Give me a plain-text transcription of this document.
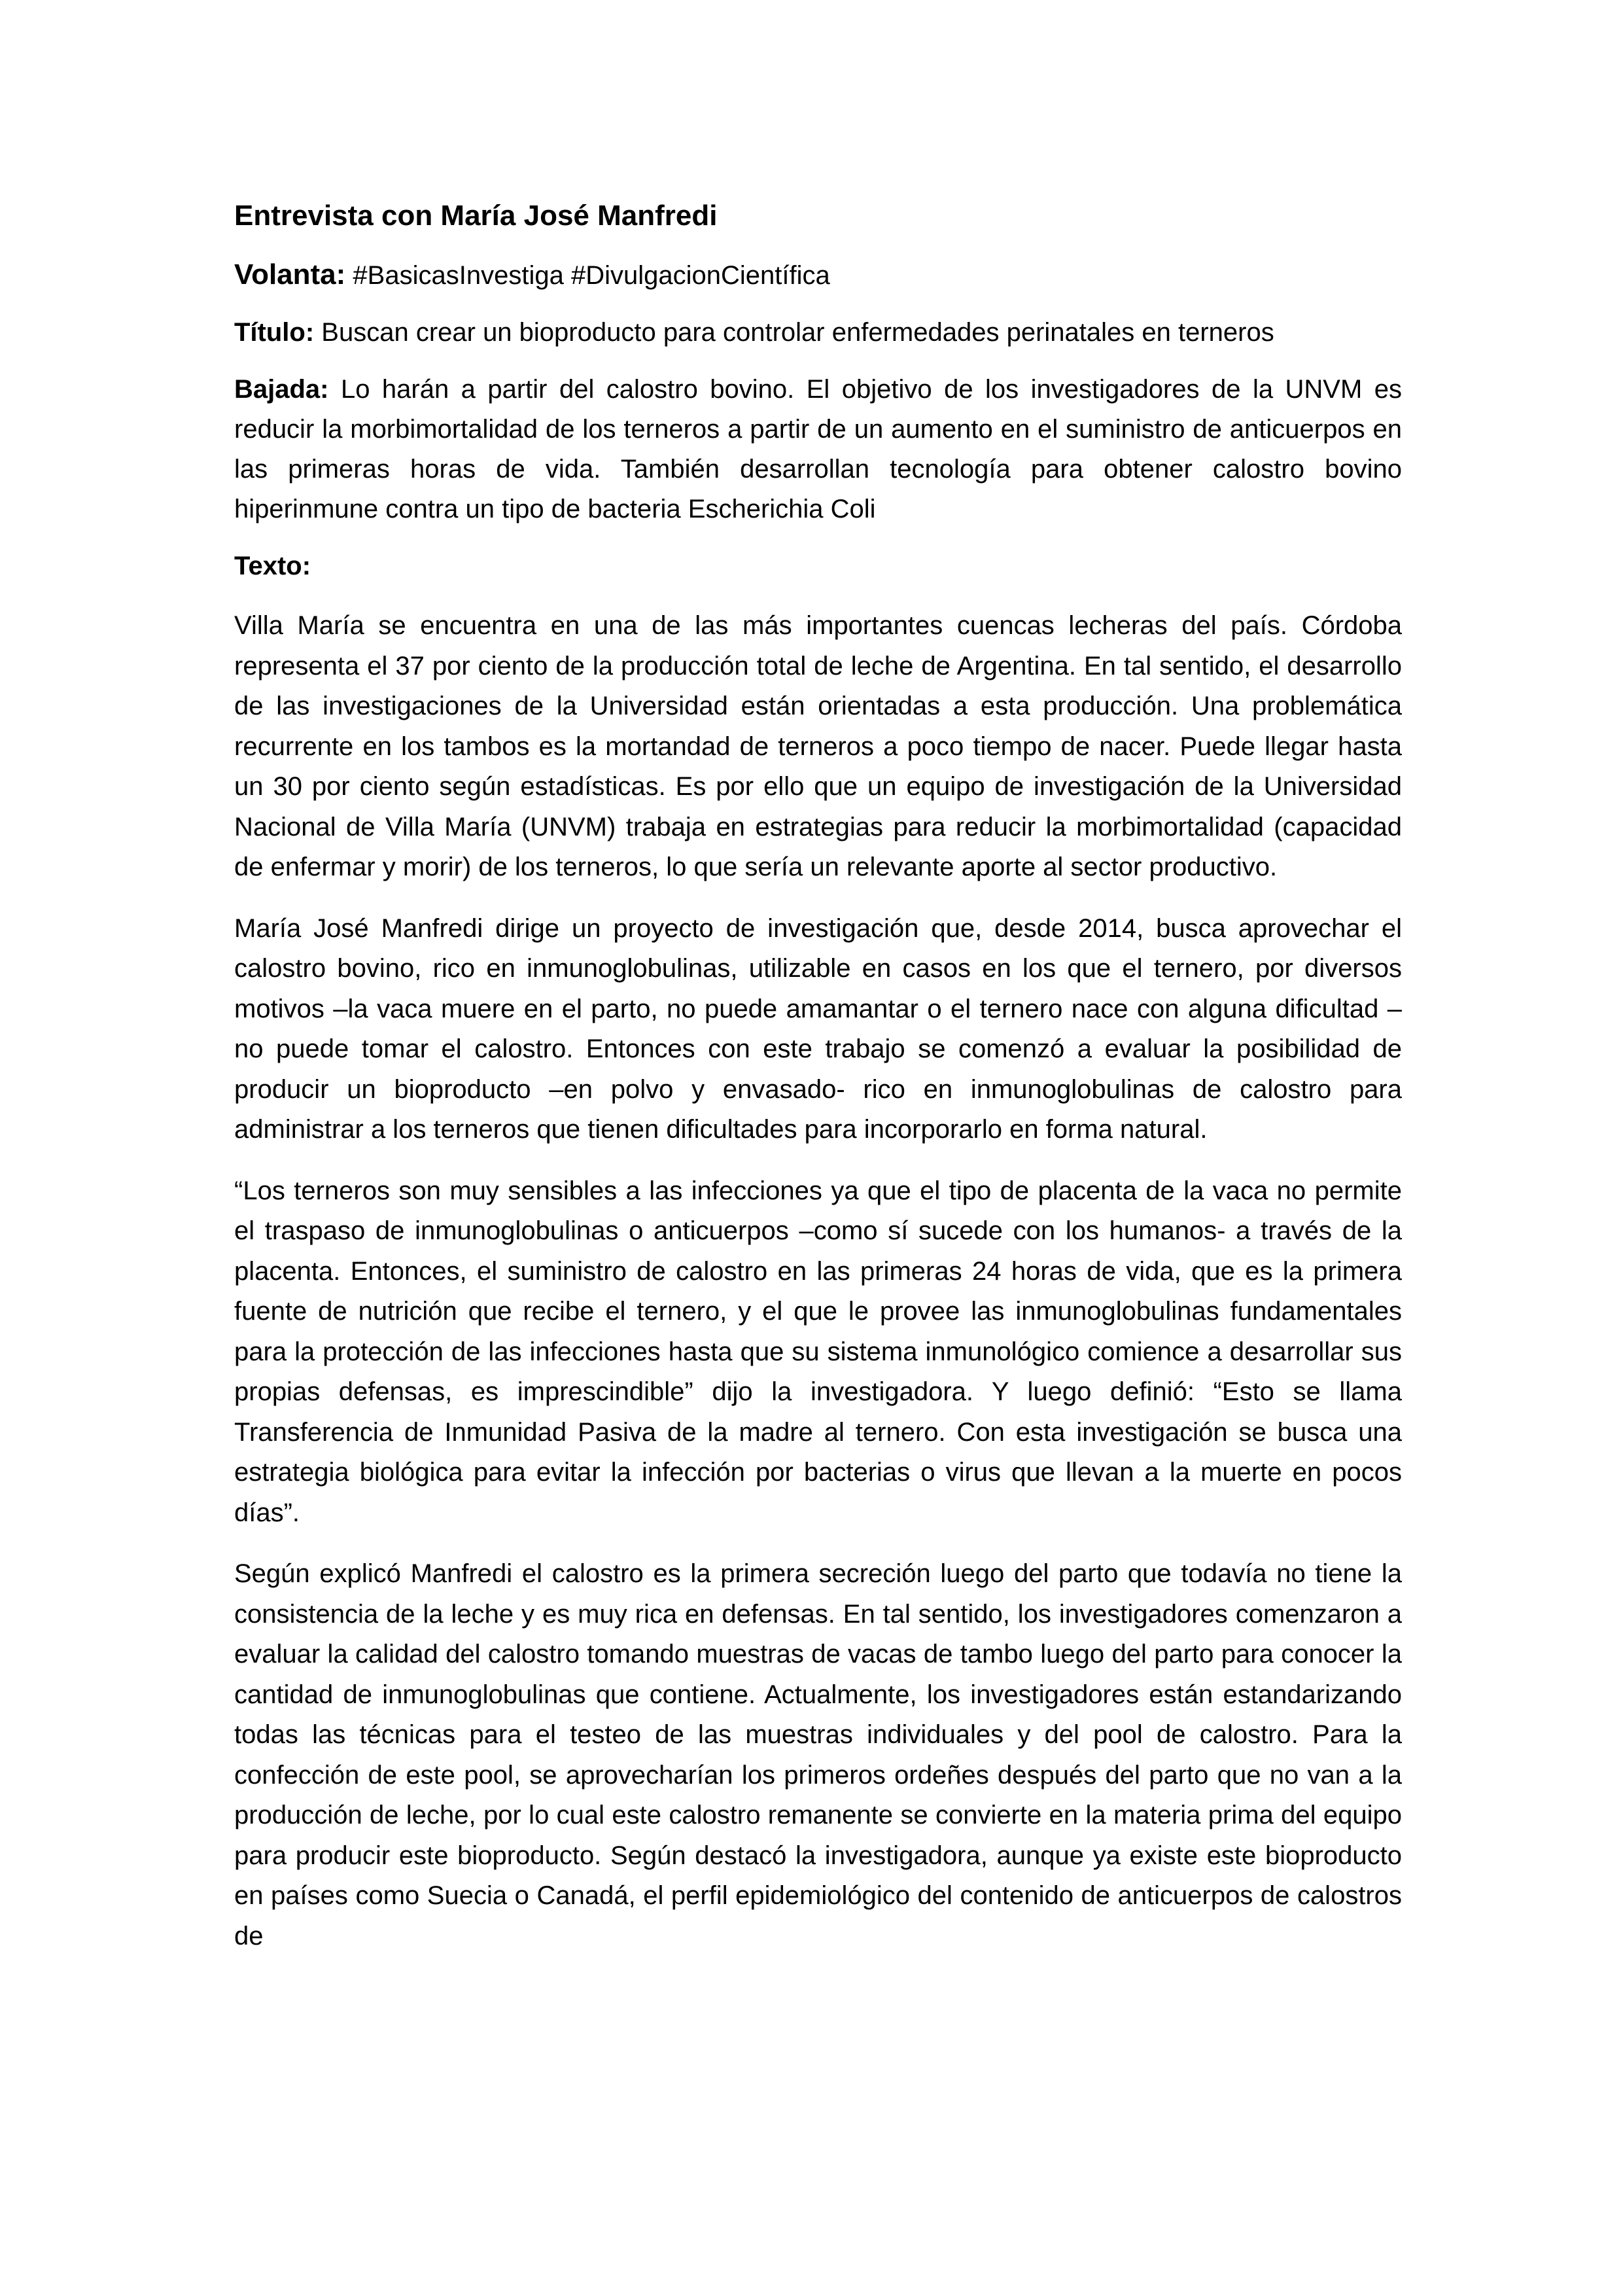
Entrevista con María José Manfredi
Volanta: #BasicasInvestiga #DivulgacionCientífica
Título: Buscan crear un bioproducto para controlar enfermedades perinatales en terneros
Bajada: Lo harán a partir del calostro bovino. El objetivo de los investigadores de la UNVM es reducir la morbimortalidad de los terneros a partir de un aumento en el suministro de anticuerpos en las primeras horas de vida. También desarrollan tecnología para obtener calostro bovino hiperinmune contra un tipo de bacteria Escherichia Coli
Texto:

Villa María se encuentra en una de las más importantes cuencas lecheras del país. Córdoba representa el 37 por ciento de la producción total de leche de Argentina. En tal sentido, el desarrollo de las investigaciones de la Universidad están orientadas a esta producción. Una problemática recurrente en los tambos es la mortandad de terneros a poco tiempo de nacer. Puede llegar hasta un 30 por ciento según estadísticas. Es por ello que un equipo de investigación de la Universidad Nacional de Villa María (UNVM) trabaja en estrategias para reducir la morbimortalidad (capacidad de enfermar y morir) de los terneros, lo que sería un relevante aporte al sector productivo.

María José Manfredi dirige un proyecto de investigación que, desde 2014, busca aprovechar el calostro bovino, rico en inmunoglobulinas, utilizable en casos en los que el ternero, por diversos motivos –la vaca muere en el parto, no puede amamantar o el ternero nace con alguna dificultad – no puede tomar el calostro. Entonces con este trabajo se comenzó a evaluar la posibilidad de producir un bioproducto –en polvo y envasado- rico en inmunoglobulinas de calostro para administrar a los terneros que tienen dificultades para incorporarlo en forma natural.

“Los terneros son muy sensibles a las infecciones ya que el tipo de placenta de la vaca no permite el traspaso de inmunoglobulinas o anticuerpos –como sí sucede con los humanos- a través de la placenta. Entonces, el suministro de calostro en las primeras 24 horas de vida, que es la primera fuente de nutrición que recibe el ternero, y el que le provee las inmunoglobulinas fundamentales para la protección de las infecciones hasta que su sistema inmunológico comience a desarrollar sus propias defensas, es imprescindible” dijo la investigadora. Y luego definió: “Esto se llama Transferencia de Inmunidad Pasiva de la madre al ternero. Con esta investigación se busca una estrategia biológica para evitar la infección por bacterias o virus que llevan a la muerte en pocos días”.

Según explicó Manfredi el calostro es la primera secreción luego del parto que todavía no tiene la consistencia de la leche y es muy rica en defensas. En tal sentido, los investigadores comenzaron a evaluar la calidad del calostro tomando muestras de vacas de tambo luego del parto para conocer la cantidad de inmunoglobulinas que contiene. Actualmente, los investigadores están estandarizando todas las técnicas para el testeo de las muestras individuales y del pool de calostro. Para la confección de este pool, se aprovecharían los primeros ordeñes después del parto que no van a la producción de leche, por lo cual este calostro remanente se convierte en la materia prima del equipo para producir este bioproducto. Según destacó la investigadora, aunque ya existe este bioproducto en países como Suecia o Canadá, el perfil epidemiológico del contenido de anticuerpos de calostros de
